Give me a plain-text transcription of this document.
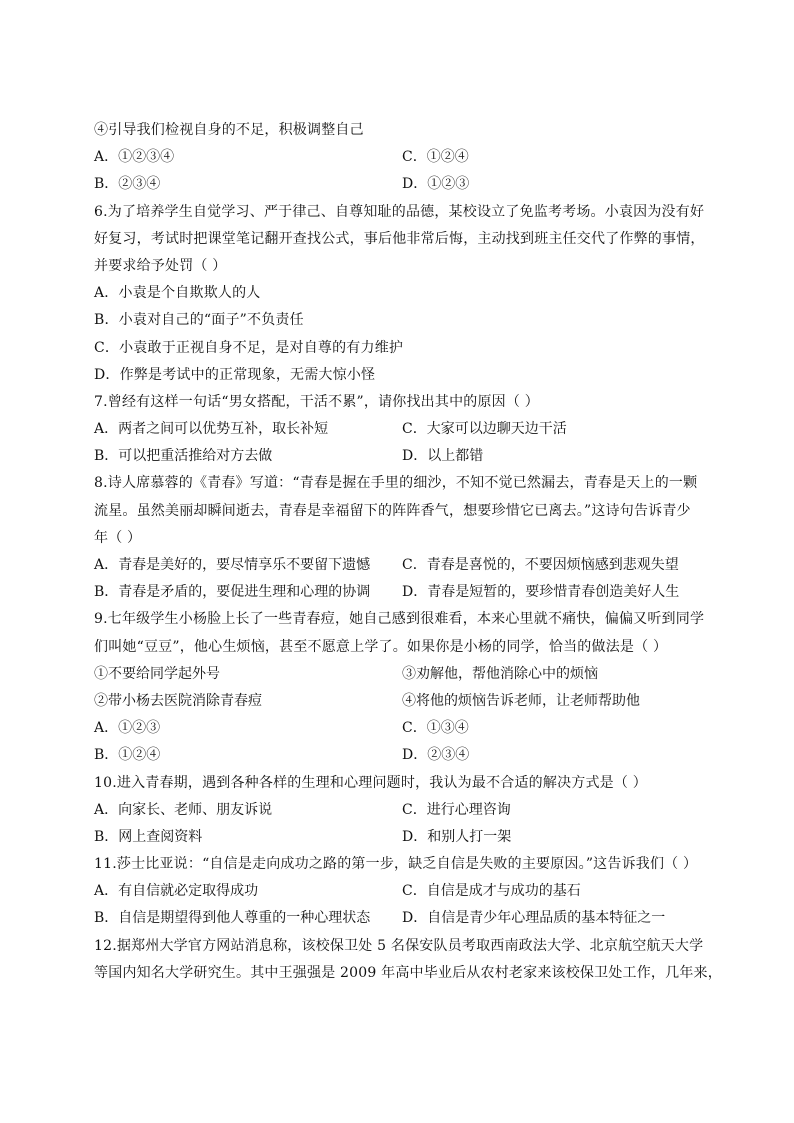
④引导我们检视自身的不足，积极调整自己
A．①②③④	C．①②④
B．②③④	D．①②③
6.为了培养学生自觉学习、严于律己、自尊知耻的品德，某校设立了免监考考场。小袁因为没有好
好复习，考试时把课堂笔记翻开查找公式，事后他非常后悔，主动找到班主任交代了作弊的事情，
并要求给予处罚（ ）
A．小袁是个自欺欺人的人
B．小袁对自己的“面子”不负责任
C．小袁敢于正视自身不足，是对自尊的有力维护
D．作弊是考试中的正常现象，无需大惊小怪
7.曾经有这样一句话“男女搭配，干活不累”，请你找出其中的原因（ ）
A．两者之间可以优势互补，取长补短	C．大家可以边聊天边干活
B．可以把重活推给对方去做	D．以上都错
8.诗人席慕蓉的《青春》写道：“青春是握在手里的细沙，不知不觉已然漏去，青春是天上的一颗
流星。虽然美丽却瞬间逝去，青春是幸福留下的阵阵香气，想要珍惜它已离去。”这诗句告诉青少
年（ ）
A．青春是美好的，要尽情享乐不要留下遗憾	C．青春是喜悦的，不要因烦恼感到悲观失望
B．青春是矛盾的，要促进生理和心理的协调	D．青春是短暂的，要珍惜青春创造美好人生
9.七年级学生小杨脸上长了一些青春痘，她自己感到很难看，本来心里就不痛快，偏偏又听到同学
们叫她“豆豆”，他心生烦恼，甚至不愿意上学了。如果你是小杨的同学，恰当的做法是（ ）
①不要给同学起外号	③劝解他，帮他消除心中的烦恼
②带小杨去医院消除青春痘	④将他的烦恼告诉老师，让老师帮助他
A．①②③	C．①③④
B．①②④	D．②③④
10.进入青春期，遇到各种各样的生理和心理问题时，我认为最不合适的解决方式是（ ）
A．向家长、老师、朋友诉说	C．进行心理咨询
B．网上查阅资料	D．和别人打一架
11.莎士比亚说：“自信是走向成功之路的第一步，缺乏自信是失败的主要原因。”这告诉我们（ ）
A．有自信就必定取得成功	C．自信是成才与成功的基石
B．自信是期望得到他人尊重的一种心理状态	D．自信是青少年心理品质的基本特征之一
12.据郑州大学官方网站消息称，该校保卫处 5 名保安队员考取西南政法大学、北京航空航天大学
等国内知名大学研究生。其中王强强是 2009 年高中毕业后从农村老家来该校保卫处工作，几年来，
